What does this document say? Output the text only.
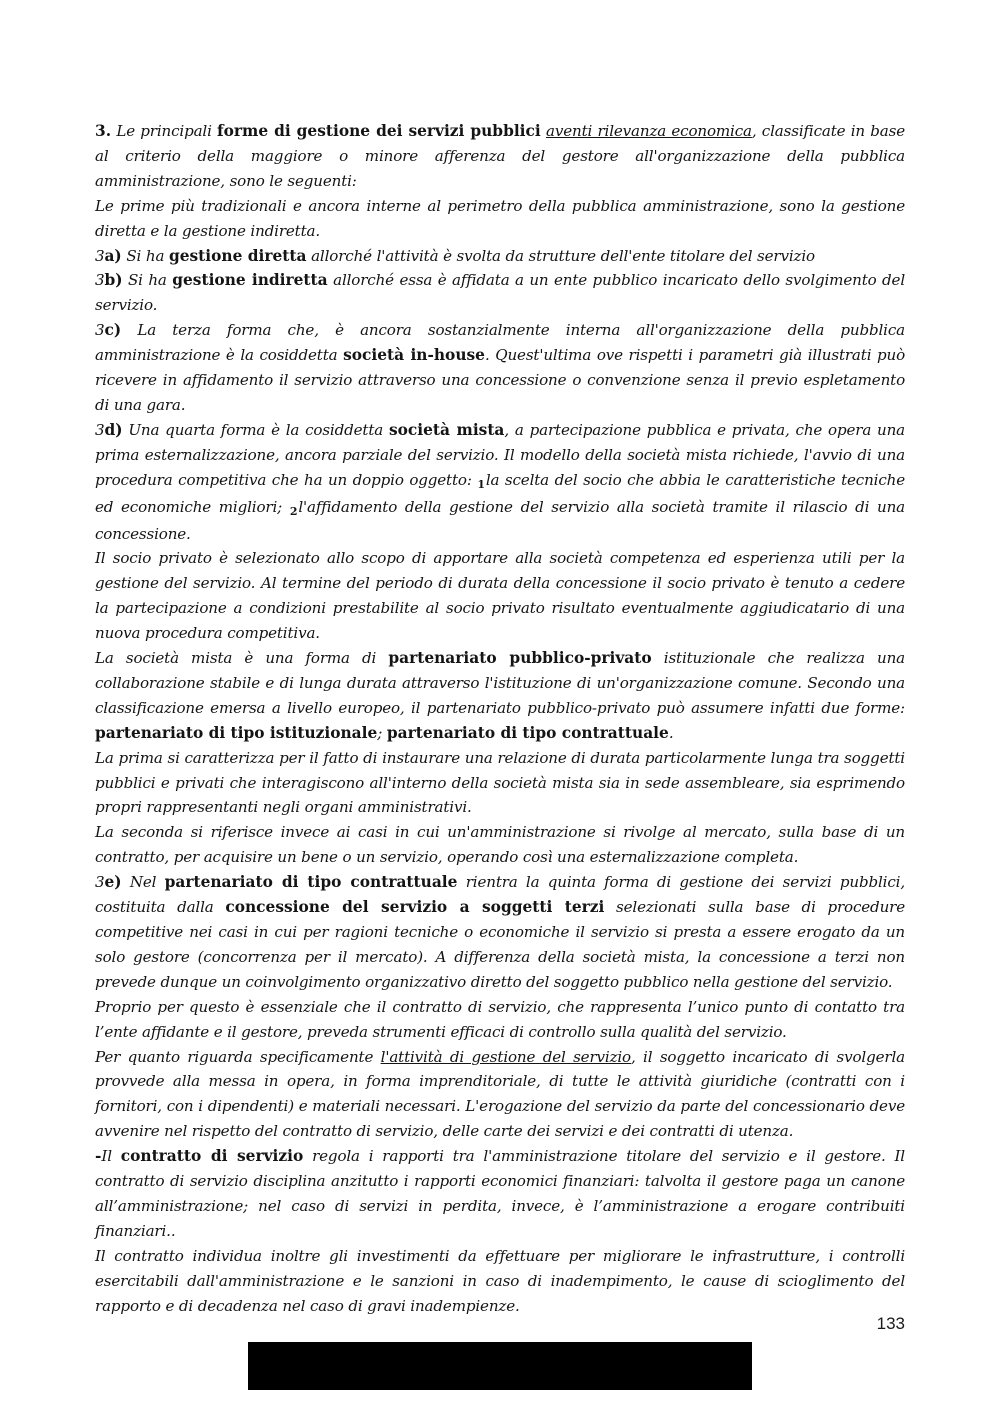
3. Le principali forme di gestione dei servizi pubblici aventi rilevanza economica, classificate in base al criterio della maggiore o minore afferenza del gestore all'organizzazione della pubblica amministrazione, sono le seguenti:

Le prime più tradizionali e ancora interne al perimetro della pubblica amministrazione, sono la gestione diretta e la gestione indiretta.

3a) Si ha gestione diretta allorché l'attività è svolta da strutture dell'ente titolare del servizio

3b) Si ha gestione indiretta allorché essa è affidata a un ente pubblico incaricato dello svolgimento del servizio.

3c) La terza forma che, è ancora sostanzialmente interna all'organizzazione della pubblica amministrazione è la cosiddetta società in-house. Quest'ultima ove rispetti i parametri già illustrati può ricevere in affidamento il servizio attraverso una concessione o convenzione senza il previo espletamento di una gara.

3d) Una quarta forma è la cosiddetta società mista, a partecipazione pubblica e privata, che opera una prima esternalizzazione, ancora parziale del servizio. Il modello della società mista richiede, l'avvio di una procedura competitiva che ha un doppio oggetto: 1la scelta del socio che abbia le caratteristiche tecniche ed economiche migliori; 2l'affidamento della gestione del servizio alla società tramite il rilascio di una concessione.

Il socio privato è selezionato allo scopo di apportare alla società competenza ed esperienza utili per la gestione del servizio. Al termine del periodo di durata della concessione il socio privato è tenuto a cedere la partecipazione a condizioni prestabilite al socio privato risultato eventualmente aggiudicatario di una nuova procedura competitiva.

La società mista è una forma di partenariato pubblico-privato istituzionale che realizza una collaborazione stabile e di lunga durata attraverso l'istituzione di un'organizzazione comune. Secondo una classificazione emersa a livello europeo, il partenariato pubblico-privato può assumere infatti due forme: partenariato di tipo istituzionale; partenariato di tipo contrattuale.

La prima si caratterizza per il fatto di instaurare una relazione di durata particolarmente lunga tra soggetti pubblici e privati che interagiscono all'interno della società mista sia in sede assembleare, sia esprimendo propri rappresentanti negli organi amministrativi.

La seconda si riferisce invece ai casi in cui un'amministrazione si rivolge al mercato, sulla base di un contratto, per acquisire un bene o un servizio, operando così una esternalizzazione completa.

3e) Nel partenariato di tipo contrattuale rientra la quinta forma di gestione dei servizi pubblici, costituita dalla concessione del servizio a soggetti terzi selezionati sulla base di procedure competitive nei casi in cui per ragioni tecniche o economiche il servizio si presta a essere erogato da un solo gestore (concorrenza per il mercato). A differenza della società mista, la concessione a terzi non prevede dunque un coinvolgimento organizzativo diretto del soggetto pubblico nella gestione del servizio.

Proprio per questo è essenziale che il contratto di servizio, che rappresenta l’unico punto di contatto tra l’ente affidante e il gestore, preveda strumenti efficaci di controllo sulla qualità del servizio.

Per quanto riguarda specificamente l'attività di gestione del servizio, il soggetto incaricato di svolgerla provvede alla messa in opera, in forma imprenditoriale, di tutte le attività giuridiche (contratti con i fornitori, con i dipendenti) e materiali necessari. L'erogazione del servizio da parte del concessionario deve avvenire nel rispetto del contratto di servizio, delle carte dei servizi e dei contratti di utenza.

-Il contratto di servizio regola i rapporti tra l'amministrazione titolare del servizio e il gestore. Il contratto di servizio disciplina anzitutto i rapporti economici finanziari: talvolta il gestore paga un canone all’amministrazione; nel caso di servizi in perdita, invece, è l’amministrazione a erogare contribuiti finanziari..

Il contratto individua inoltre gli investimenti da effettuare per migliorare le infrastrutture, i controlli esercitabili dall'amministrazione e le sanzioni in caso di inadempimento, le cause di scioglimento del rapporto e di decadenza nel caso di gravi inadempienze.

133
